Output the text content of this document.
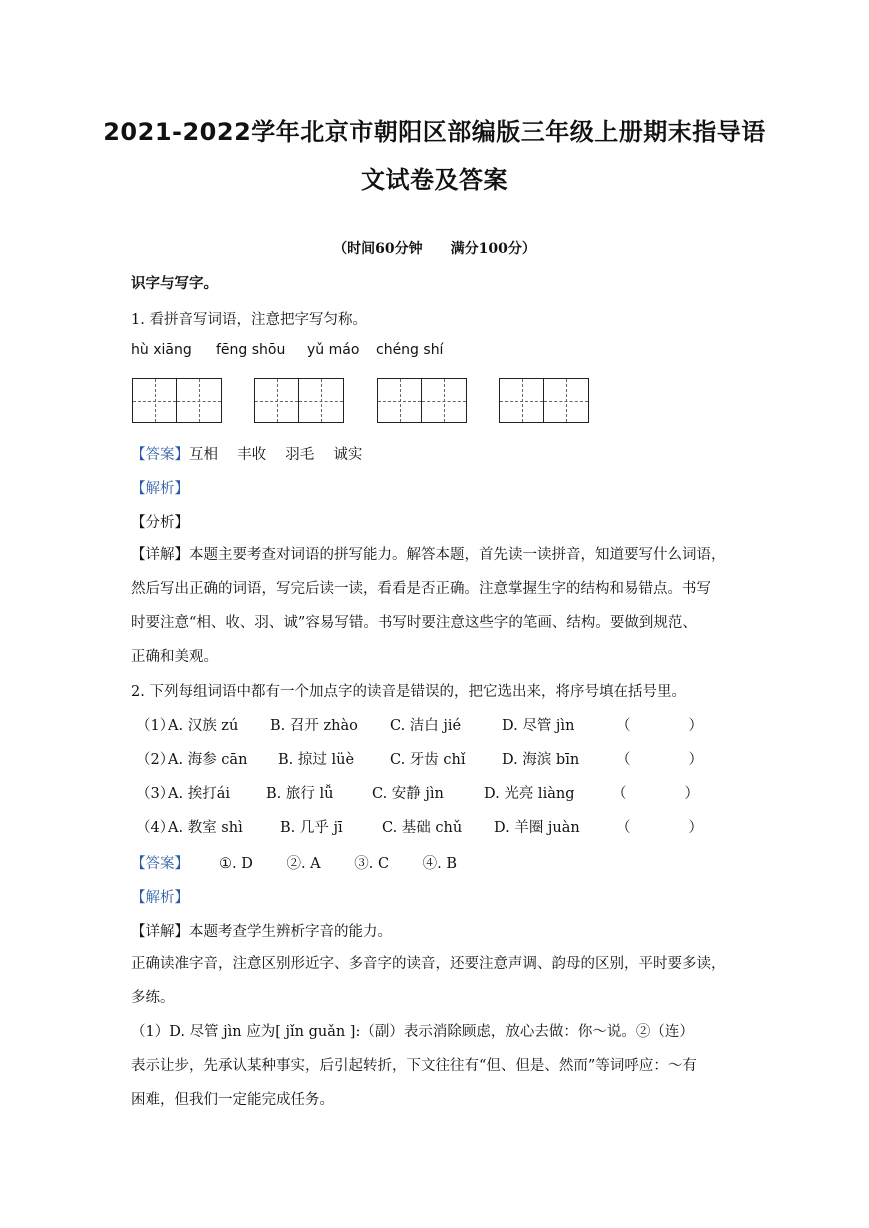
2021-2022学年北京市朝阳区部编版三年级上册期末指导语
文试卷及答案
（时间60分钟　　满分100分）
识字与写字。
1. 看拼音写词语，注意把字写匀称。
hù xiāng fēng shōu yǔ máo chéng shí
【答案】互相　 丰收　 羽毛　 诚实
【解析】
【分析】
【详解】本题主要考查对词语的拼写能力。解答本题，首先读一读拼音，知道要写什么词语，
然后写出正确的词语，写完后读一读，看看是否正确。注意掌握生字的结构和易错点。书写
时要注意“相、收、羽、诚”容易写错。书写时要注意这些字的笔画、结构。要做到规范、
正确和美观。
2. 下列每组词语中都有一个加点字的读音是错误的，把它选出来，将序号填在括号里。
（1）
A. 汉族 zú B. 召开 zhào C. 洁白 jié	D. 尽管 jìn	（　　　　）
（2）
A. 海参 cān B. 掠过 lüè C. 牙齿 chǐ	D. 海滨 bīn	（　　　　）
（3）
A. 挨打ái B. 旅行 lǚ	C. 安静 jìn	D. 光亮 liàng	（　　　　）
（4）
A. 教室 shì	B. 几乎 jī	C. 基础 chǔ D. 羊圈 juàn （　　　　）
【答案】 ①. D　　 ②. A　　 ③. C　　 ④. B
【解析】
【详解】本题考查学生辨析字音的能力。
正确读准字音，注意区别形近字、多音字的读音，还要注意声调、韵母的区别，平时要多读，
多练。
（1）D. 尽管 jìn 应为[ jǐn guǎn ]:（副）表示消除顾虑，放心去做：你～说。②（连）
表示让步，先承认某种事实，后引起转折，下文往往有“但、但是、然而”等词呼应：～有
困难，但我们一定能完成任务。
